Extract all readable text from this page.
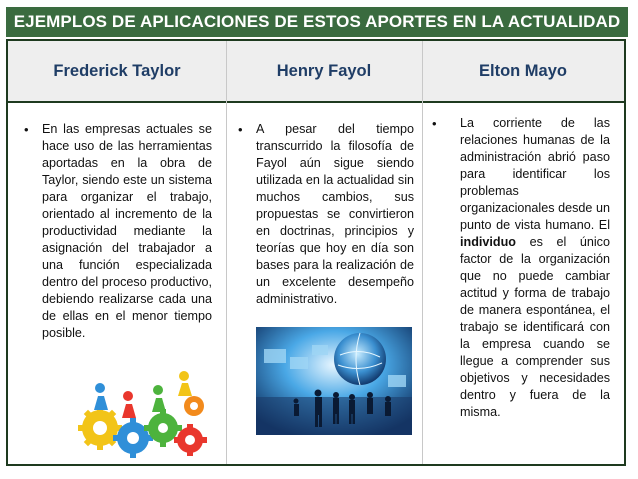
EJEMPLOS DE APLICACIONES DE ESTOS APORTES EN LA ACTUALIDAD
Frederick Taylor	Henry Fayol	Elton Mayo
• En las empresas actuales se hace uso de las herramientas aportadas en la obra de Taylor, siendo este un sistema para organizar el trabajo, orientado al incremento de la productividad mediante la asignación del trabajador a una función especializada dentro del proceso productivo, debiendo realizarse cada una de ellas en el menor tiempo posible.
• A pesar del tiempo transcurrido la filosofía de Fayol aún sigue siendo utilizada en la actualidad sin muchos cambios, sus propuestas se convirtieron en doctrinas, principios y teorías que hoy en día son bases para la realización de un excelente desempeño administrativo.
• La corriente de las relaciones humanas de la administración abrió paso para identificar los problemas organizacionales desde un punto de vista humano. El individuo es el único factor de la organización que no puede cambiar actitud y forma de trabajo de manera espontánea, el trabajo se identificará con la empresa cuando se llegue a comprender sus objetivos y necesidades dentro y fuera de la misma.
